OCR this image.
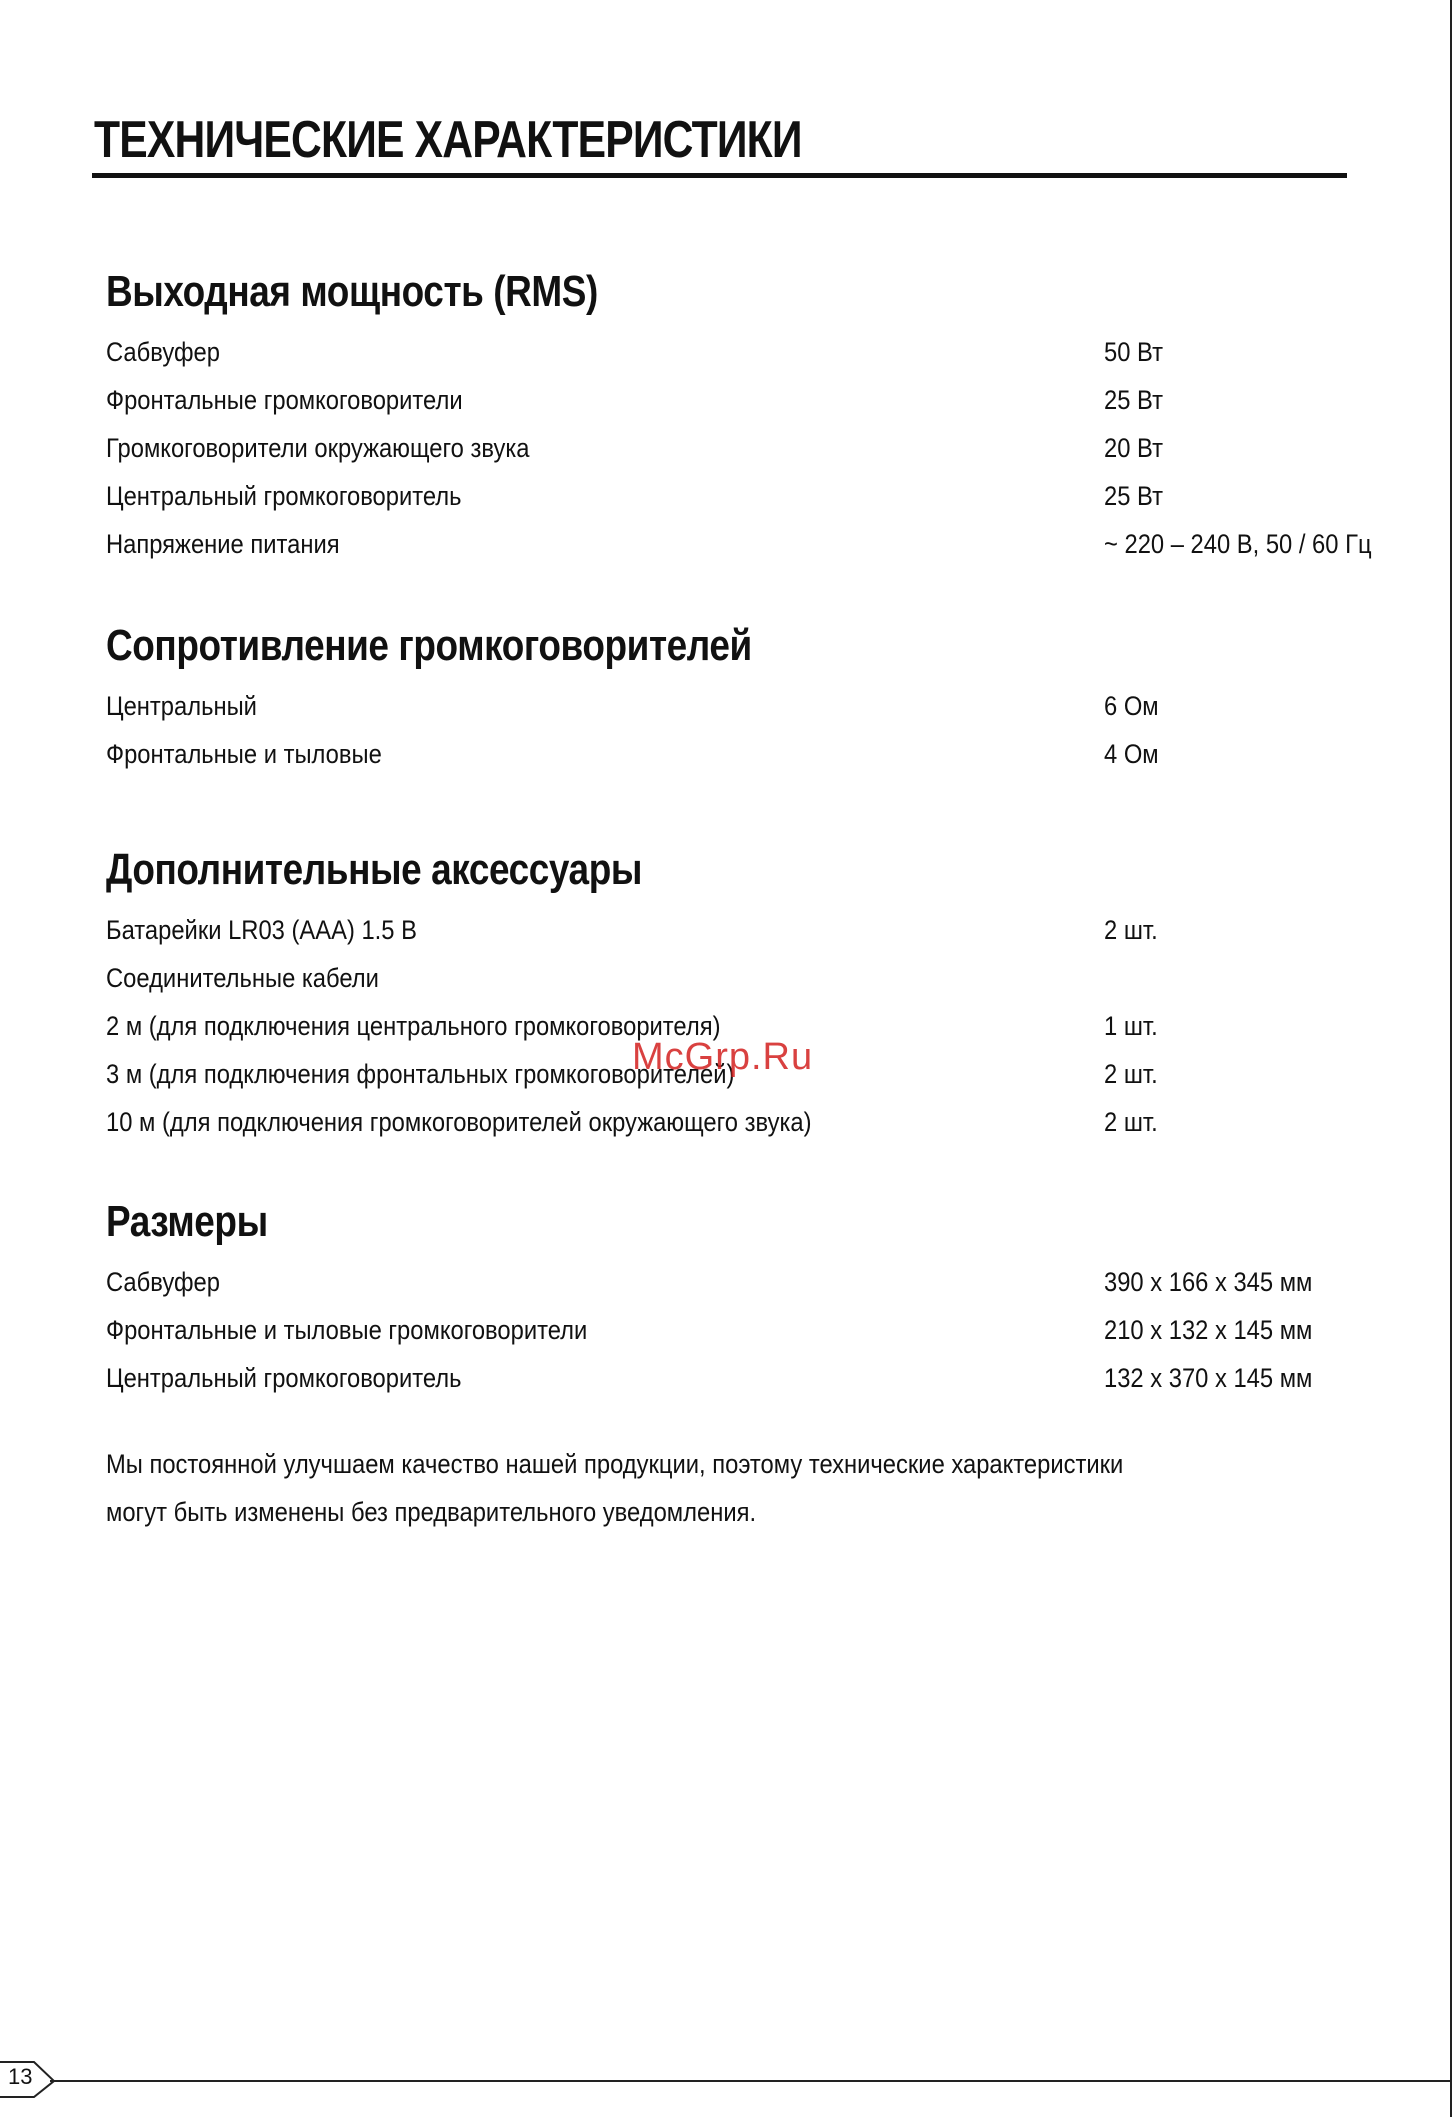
ТЕХНИЧЕСКИЕ ХАРАКТЕРИСТИКИ
Выходная мощность (RMS)
Сабвуфер	50 Вт
Фронтальные громкоговорители	25 Вт
Громкоговорители окружающего звука	20 Вт
Центральный громкоговоритель	25 Вт
Напряжение питания	~ 220 – 240 В, 50 / 60 Гц
Сопротивление громкоговорителей
Центральный	6 Ом
Фронтальные и тыловые	4 Ом
Дополнительные аксессуары
Батарейки LR03 (AAA) 1.5 В	2 шт.
Соединительные кабели
2 м (для подключения центрального громкоговорителя)	1 шт.
3 м (для подключения фронтальных громкоговорителей)	2 шт.
10 м (для подключения громкоговорителей окружающего звука)	2 шт.
Размеры
Сабвуфер	390 x 166 x 345 мм
Фронтальные и тыловые громкоговорители	210 x 132 x 145 мм
Центральный громкоговоритель	132 x 370 x 145 мм
Мы постоянной улучшаем качество нашей продукции, поэтому технические характеристики
могут быть изменены без предварительного уведомления.
McGrp.Ru
13
